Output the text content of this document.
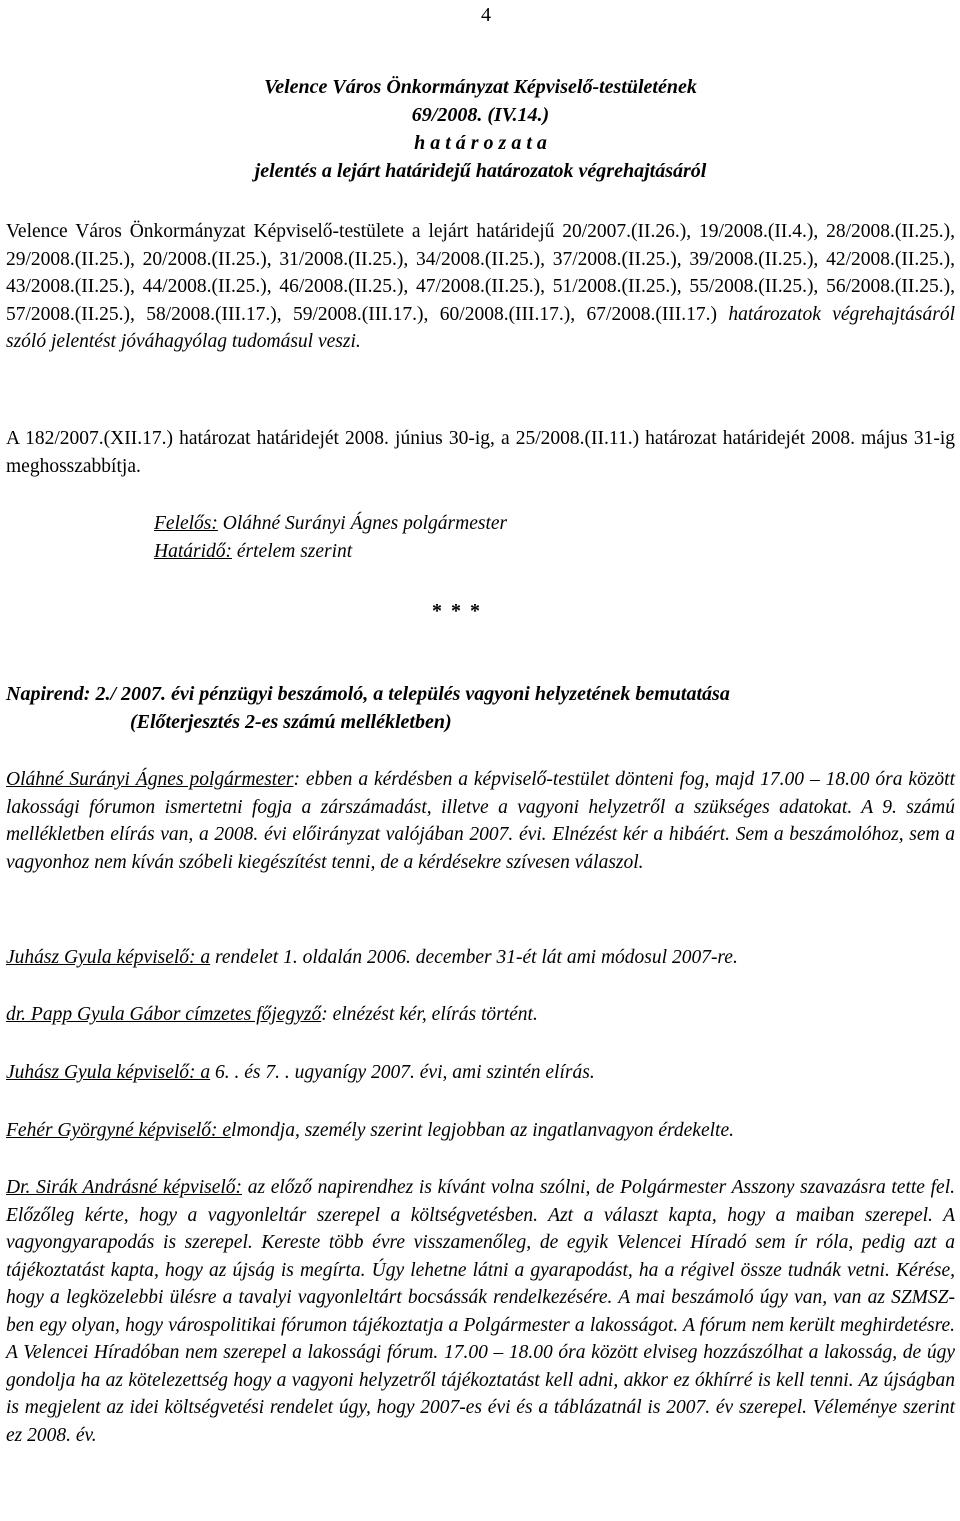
4
Velence Város Önkormányzat Képviselő-testületének
69/2008. (IV.14.)
h a t á r o z a t a
jelentés a lejárt határidejű határozatok végrehajtásáról
Velence Város Önkormányzat Képviselő-testülete a lejárt határidejű 20/2007.(II.26.), 19/2008.(II.4.), 28/2008.(II.25.), 29/2008.(II.25.), 20/2008.(II.25.), 31/2008.(II.25.), 34/2008.(II.25.), 37/2008.(II.25.), 39/2008.(II.25.), 42/2008.(II.25.), 43/2008.(II.25.), 44/2008.(II.25.), 46/2008.(II.25.), 47/2008.(II.25.), 51/2008.(II.25.), 55/2008.(II.25.), 56/2008.(II.25.), 57/2008.(II.25.), 58/2008.(III.17.), 59/2008.(III.17.), 60/2008.(III.17.), 67/2008.(III.17.) határozatok végrehajtásáról szóló jelentést jóváhagyólag tudomásul veszi.
A 182/2007.(XII.17.) határozat határidejét 2008. június 30-ig, a 25/2008.(II.11.) határozat határidejét 2008. május 31-ig meghosszabbítja.
Felelős: Oláhné Surányi Ágnes polgármester
Határidő: értelem szerint
* * *
Napirend: 2./ 2007. évi pénzügyi beszámoló, a település vagyoni helyzetének bemutatása
(Előterjesztés 2-es számú mellékletben)
Oláhné Surányi Ágnes polgármester: ebben a kérdésben a képviselő-testület dönteni fog, majd 17.00 – 18.00 óra között lakossági fórumon ismertetni fogja a zárszámadást, illetve a vagyoni helyzetről a szükséges adatokat. A 9. számú mellékletben elírás van, a 2008. évi előirányzat valójában 2007. évi. Elnézést kér a hibáért. Sem a beszámolóhoz, sem a vagyonhoz nem kíván szóbeli kiegészítést tenni, de a kérdésekre szívesen válaszol.
Juhász Gyula képviselő: a rendelet 1. oldalán 2006. december 31-ét lát ami módosul 2007-re.
dr. Papp Gyula Gábor címzetes főjegyző: elnézést kér, elírás történt.
Juhász Gyula képviselő: a 6. . és 7. . ugyanígy 2007. évi, ami szintén elírás.
Fehér Györgyné képviselő: elmondja, személy szerint legjobban az ingatlanvagyon érdekelte.
Dr. Sirák Andrásné képviselő: az előző napirendhez is kívánt volna szólni, de Polgármester Asszony szavazásra tette fel. Előzőleg kérte, hogy a vagyonleltár szerepel a költségvetésben. Azt a választ kapta, hogy a maiban szerepel. A vagyongyarapodás is szerepel. Kereste több évre visszamenőleg, de egyik Velencei Híradó sem ír róla, pedig azt a tájékoztatást kapta, hogy az újság is megírta. Úgy lehetne látni a gyarapodást, ha a régivel össze tudnák vetni. Kérése, hogy a legközelebbi ülésre a tavalyi vagyonleltárt bocsássák rendelkezésére. A mai beszámoló úgy van, van az SZMSZ-ben egy olyan, hogy várospolitikai fórumon tájékoztatja a Polgármester a lakosságot. A fórum nem került meghirdetésre. A Velencei Híradóban nem szerepel a lakossági fórum. 17.00 – 18.00 óra között elviseg hozzászólhat a lakosság, de úgy gondolja ha az kötelezettség hogy a vagyoni helyzetről tájékoztatást kell adni, akkor ez ókhírré is kell tenni. Az újságban is megjelent az idei költségvetési rendelet úgy, hogy 2007-es évi és a táblázatnál is 2007. év szerepel. Véleménye szerint ez 2008. év.
